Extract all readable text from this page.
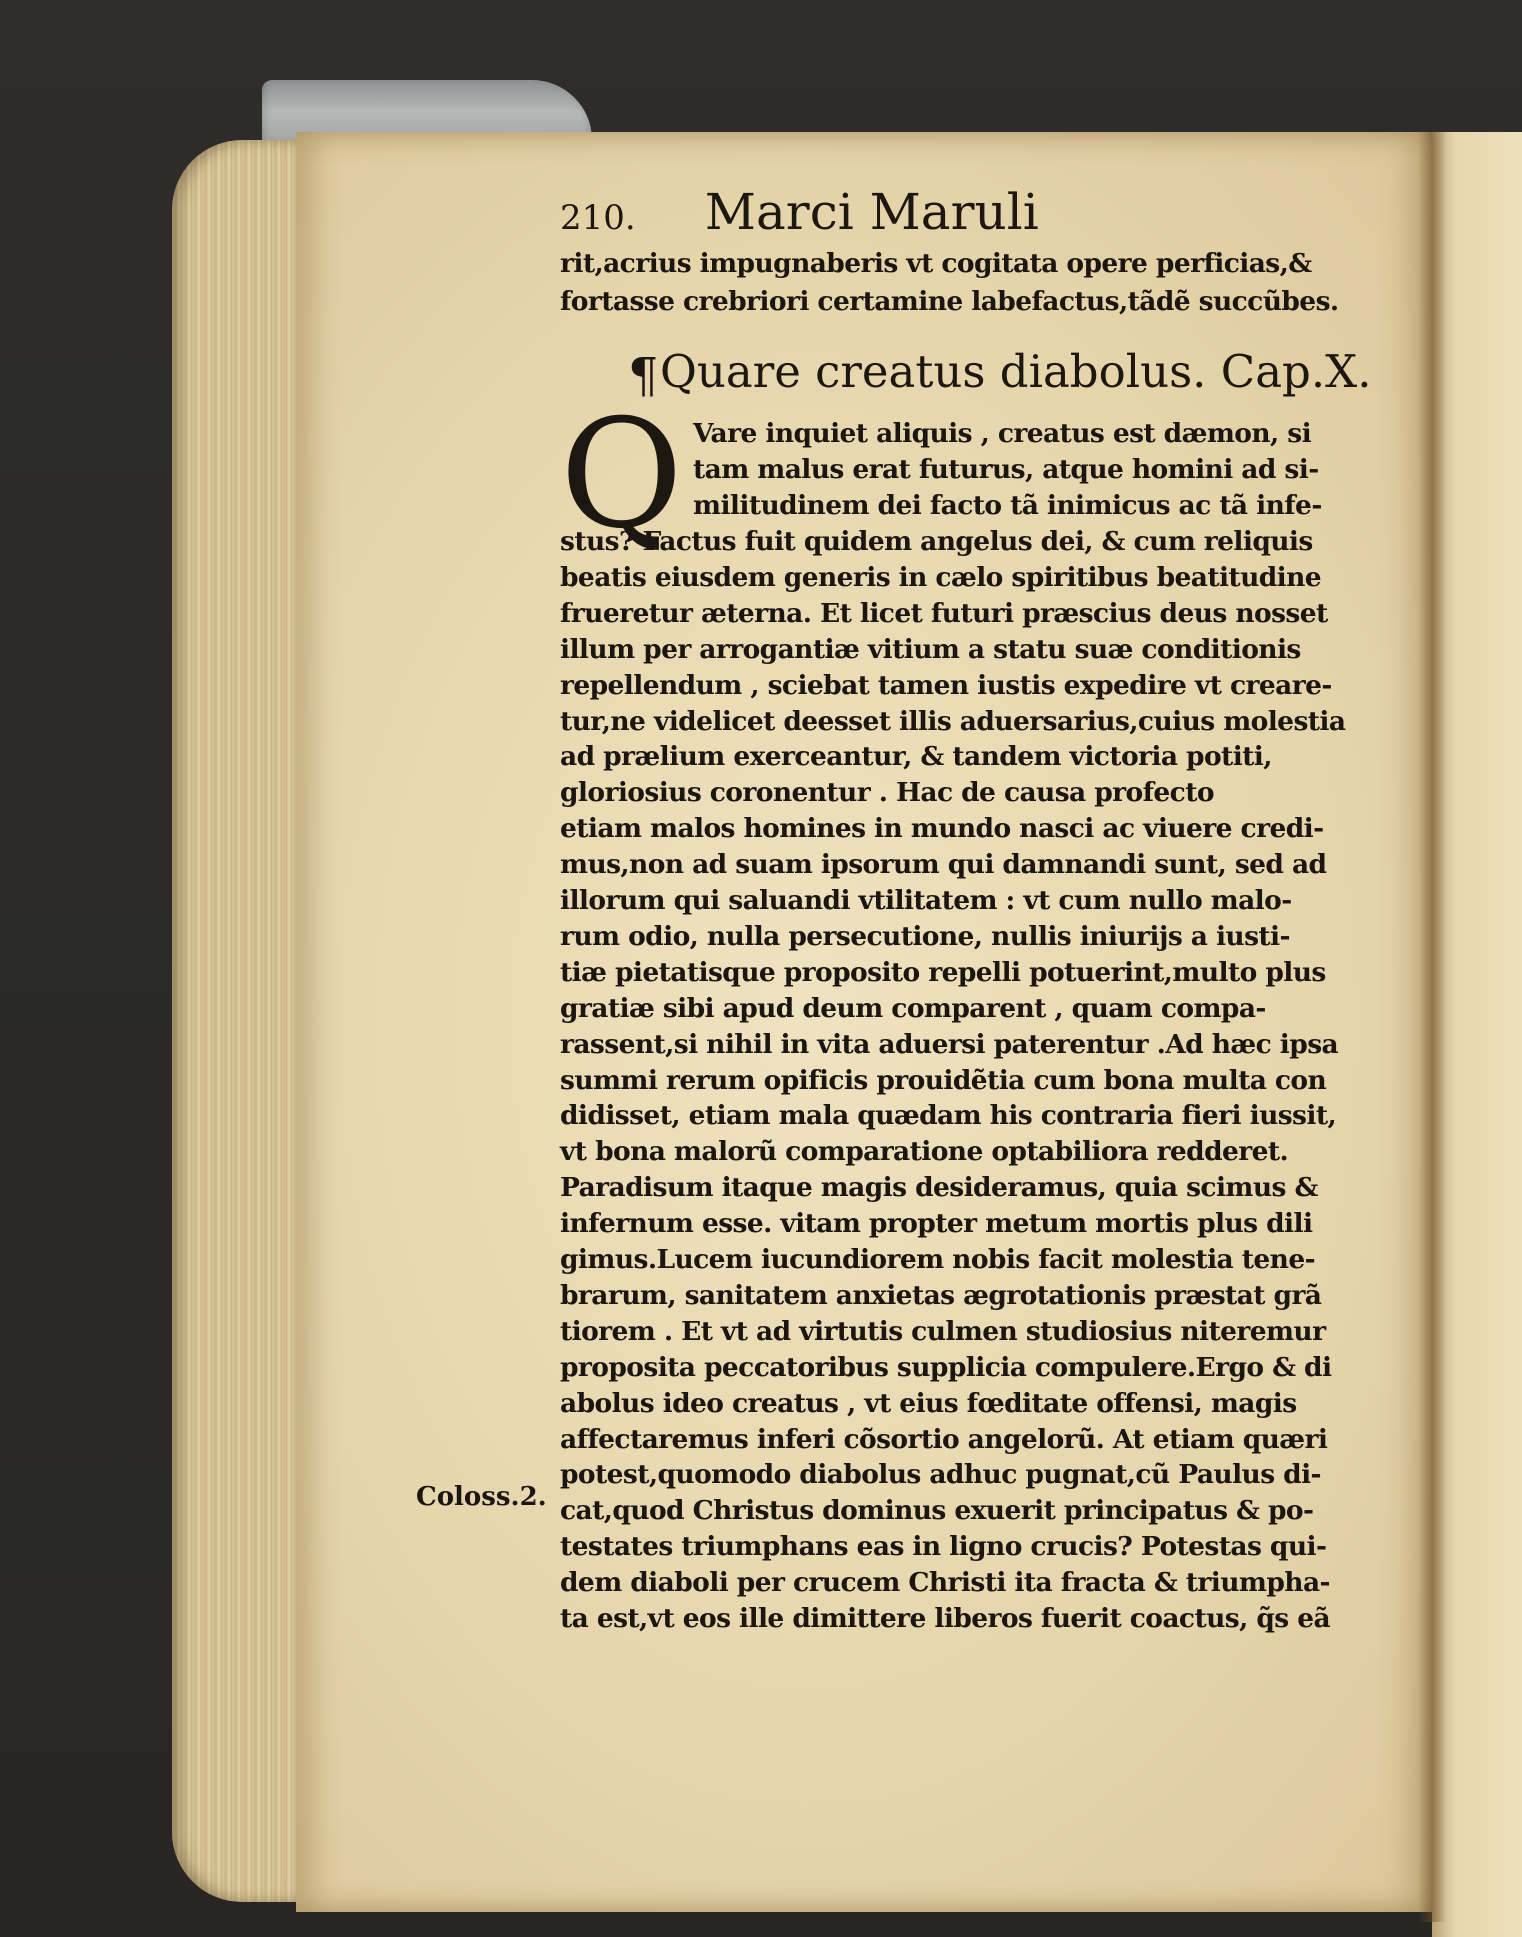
210. Marci Maruli
rit,acrius impugnaberis vt cogitata opere perficias,&
fortasse crebriori certamine labefactus,tãdẽ succũbes.
¶ Quare creatus diabolus. Cap.X.
Q Vare inquiet aliquis , creatus est dæmon, si
tam malus erat futurus, atque homini ad si-
militudinem dei facto tã inimicus ac tã infe-
stus? Factus fuit quidem angelus dei, & cum reliquis
beatis eiusdem generis in cælo spiritibus beatitudine
frueretur æterna. Et licet futuri præscius deus nosset
illum per arrogantiæ vitium a statu suæ conditionis
repellendum , sciebat tamen iustis expedire vt creare-
tur,ne videlicet deesset illis aduersarius,cuius molestia
ad prælium exerceantur, & tandem victoria potiti,
gloriosius coronentur . Hac de causa profecto
etiam malos homines in mundo nasci ac viuere credi-
mus,non ad suam ipsorum qui damnandi sunt, sed ad
illorum qui saluandi vtilitatem : vt cum nullo malo-
rum odio, nulla persecutione, nullis iniurijs a iusti-
tiæ pietatisque proposito repelli potuerint,multo plus
gratiæ sibi apud deum comparent , quam compa-
rassent,si nihil in vita aduersi paterentur .Ad hæc ipsa
summi rerum opificis prouidẽtia cum bona multa con
didisset, etiam mala quædam his contraria fieri iussit,
vt bona malorũ comparatione optabiliora redderet.
Paradisum itaque magis desideramus, quia scimus &
infernum esse. vitam propter metum mortis plus dili
gimus.Lucem iucundiorem nobis facit molestia tene-
brarum, sanitatem anxietas ægrotationis præstat grã
tiorem . Et vt ad virtutis culmen studiosius niteremur
proposita peccatoribus supplicia compulere.Ergo & di
abolus ideo creatus , vt eius fœditate offensi, magis
affectaremus inferi cõsortio angelorũ. At etiam quæri
potest,quomodo diabolus adhuc pugnat,cũ Paulus di-
cat,quod Christus dominus exuerit principatus & po-
testates triumphans eas in ligno crucis? Potestas qui-
dem diaboli per crucem Christi ita fracta & triumpha-
ta est,vt eos ille dimittere liberos fuerit coactus, q̃s eã
Coloss.2.
